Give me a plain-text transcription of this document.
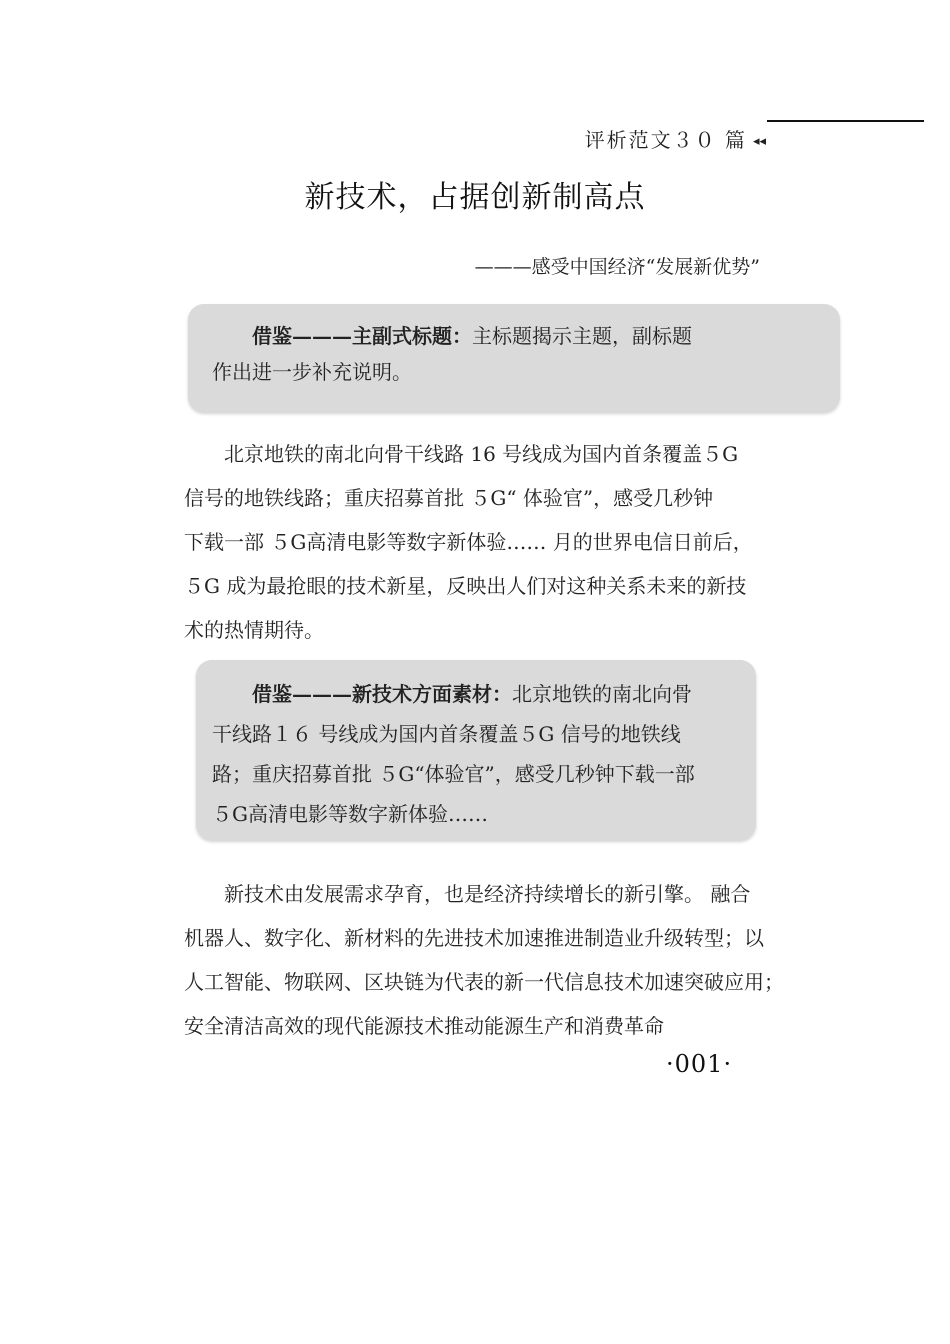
评析范文３０ 篇 ◂◂
新技术，占据创新制高点
———感受中国经济“发展新优势”
借鉴———主副式标题：主标题揭示主题，副标题
作出进一步补充说明。
北京地铁的南北向骨干线路 16 号线成为国内首条覆盖５G
信号的地铁线路；重庆招募首批 ５G“ 体验官”，感受几秒钟
下载一部 ５G高清电影等数字新体验…… 月的世界电信日前后，
５G 成为最抢眼的技术新星，反映出人们对这种关系未来的新技
术的热情期待。
借鉴———新技术方面素材：北京地铁的南北向骨
干线路１６ 号线成为国内首条覆盖５G 信号的地铁线
路；重庆招募首批 ５G“体验官”，感受几秒钟下载一部
５G高清电影等数字新体验……
新技术由发展需求孕育，也是经济持续增长的新引擎。 融合
机器人、数字化、新材料的先进技术加速推进制造业升级转型；以
人工智能、物联网、区块链为代表的新一代信息技术加速突破应用；
安全清洁高效的现代能源技术推动能源生产和消费革命
·001·
